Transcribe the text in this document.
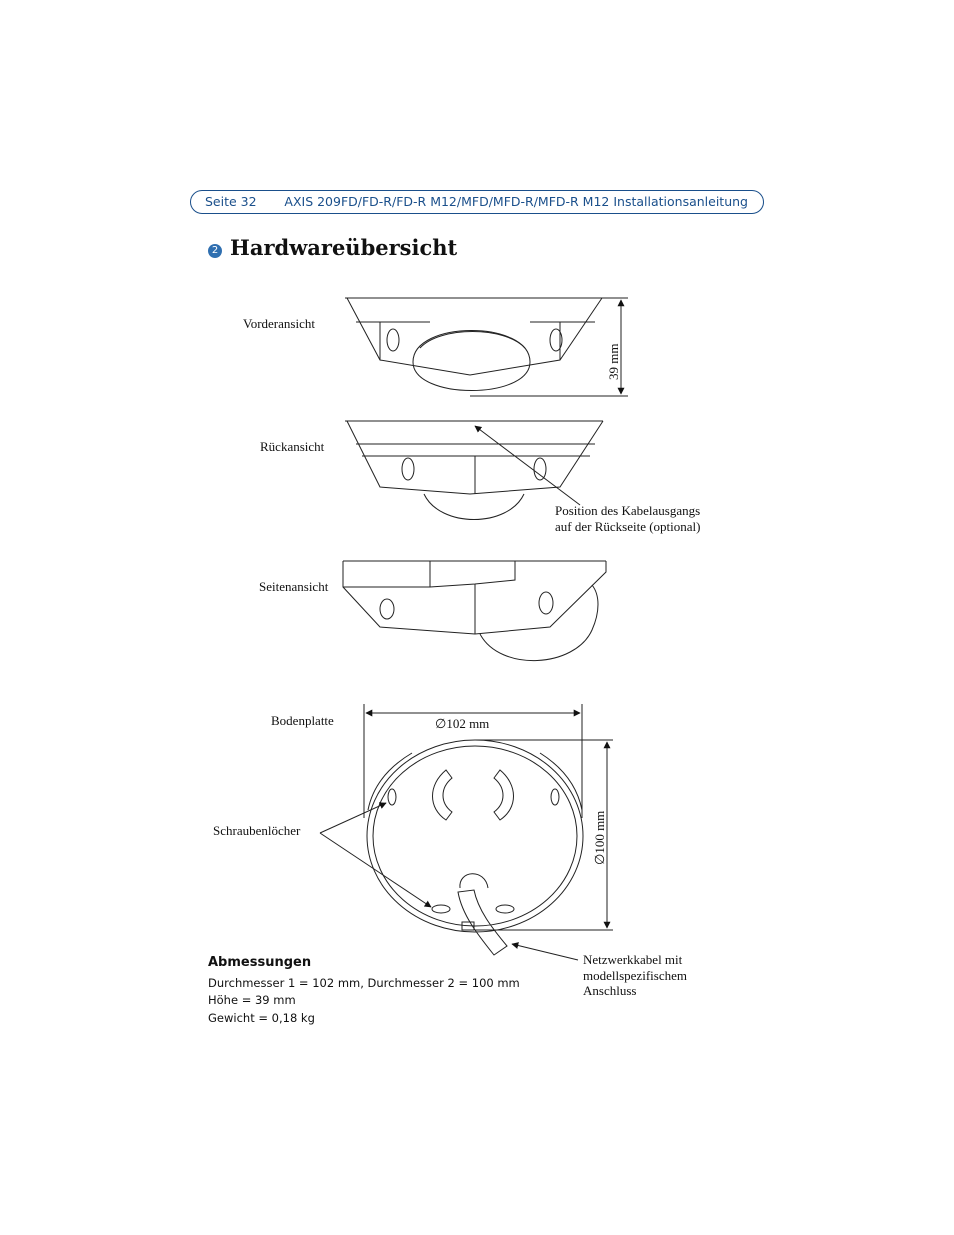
Seite 32 AXIS 209FD/FD-R/FD-R M12/MFD/MFD-R/MFD-R M12 Installationsanleitung
2 Hardwareübersicht
Vorderansicht
39 mm
Rückansicht
Position des Kabelausgangs
auf der Rückseite (optional)
Seitenansicht
Bodenplatte	∅102 mm
∅100 mm
Schraubenlöcher
Netzwerkkabel mit
modellspezifischem
Anschluss
Abmessungen
Durchmesser 1 = 102 mm, Durchmesser 2 = 100 mm
Höhe = 39 mm
Gewicht = 0,18 kg
